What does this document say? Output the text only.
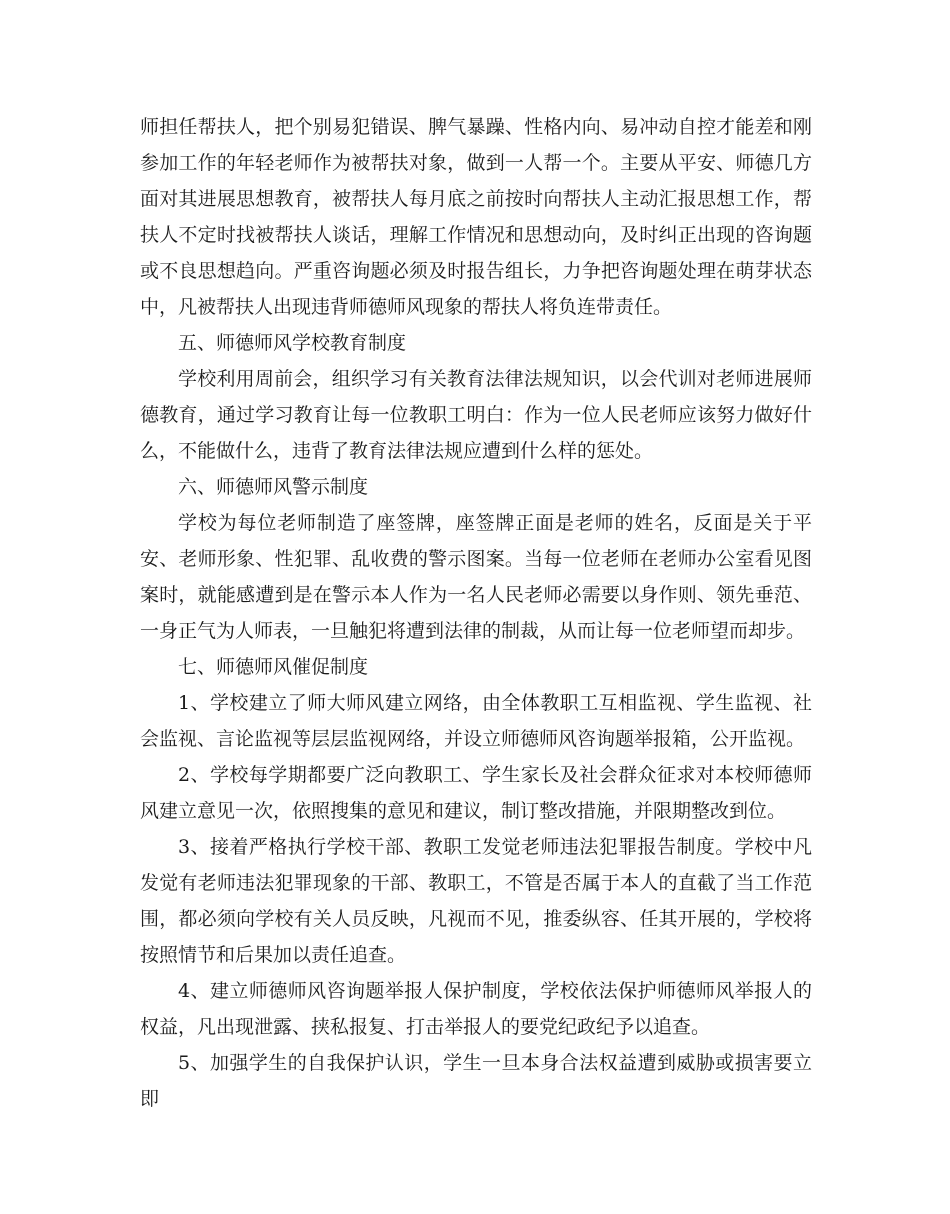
师担任帮扶人，把个别易犯错误、脾气暴躁、性格内向、易冲动自控才能差和刚参加工作的年轻老师作为被帮扶对象，做到一人帮一个。主要从平安、师德几方面对其进展思想教育，被帮扶人每月底之前按时向帮扶人主动汇报思想工作，帮扶人不定时找被帮扶人谈话，理解工作情况和思想动向，及时纠正出现的咨询题或不良思想趋向。严重咨询题必须及时报告组长，力争把咨询题处理在萌芽状态中，凡被帮扶人出现违背师德师风现象的帮扶人将负连带责任。

五、师德师风学校教育制度

学校利用周前会，组织学习有关教育法律法规知识，以会代训对老师进展师德教育，通过学习教育让每一位教职工明白：作为一位人民老师应该努力做好什么，不能做什么，违背了教育法律法规应遭到什么样的惩处。

六、师德师风警示制度

学校为每位老师制造了座签牌，座签牌正面是老师的姓名，反面是关于平安、老师形象、性犯罪、乱收费的警示图案。当每一位老师在老师办公室看见图案时，就能感遭到是在警示本人作为一名人民老师必需要以身作则、领先垂范、一身正气为人师表，一旦触犯将遭到法律的制裁，从而让每一位老师望而却步。

七、师德师风催促制度

1、学校建立了师大师风建立网络，由全体教职工互相监视、学生监视、社会监视、言论监视等层层监视网络，并设立师德师风咨询题举报箱，公开监视。

2、学校每学期都要广泛向教职工、学生家长及社会群众征求对本校师德师风建立意见一次，依照搜集的意见和建议，制订整改措施，并限期整改到位。

3、接着严格执行学校干部、教职工发觉老师违法犯罪报告制度。学校中凡发觉有老师违法犯罪现象的干部、教职工，不管是否属于本人的直截了当工作范围，都必须向学校有关人员反映，凡视而不见，推委纵容、任其开展的，学校将按照情节和后果加以责任追查。

4、建立师德师风咨询题举报人保护制度，学校依法保护师德师风举报人的权益，凡出现泄露、挟私报复、打击举报人的要党纪政纪予以追查。

5、加强学生的自我保护认识，学生一旦本身合法权益遭到威胁或损害要立即
